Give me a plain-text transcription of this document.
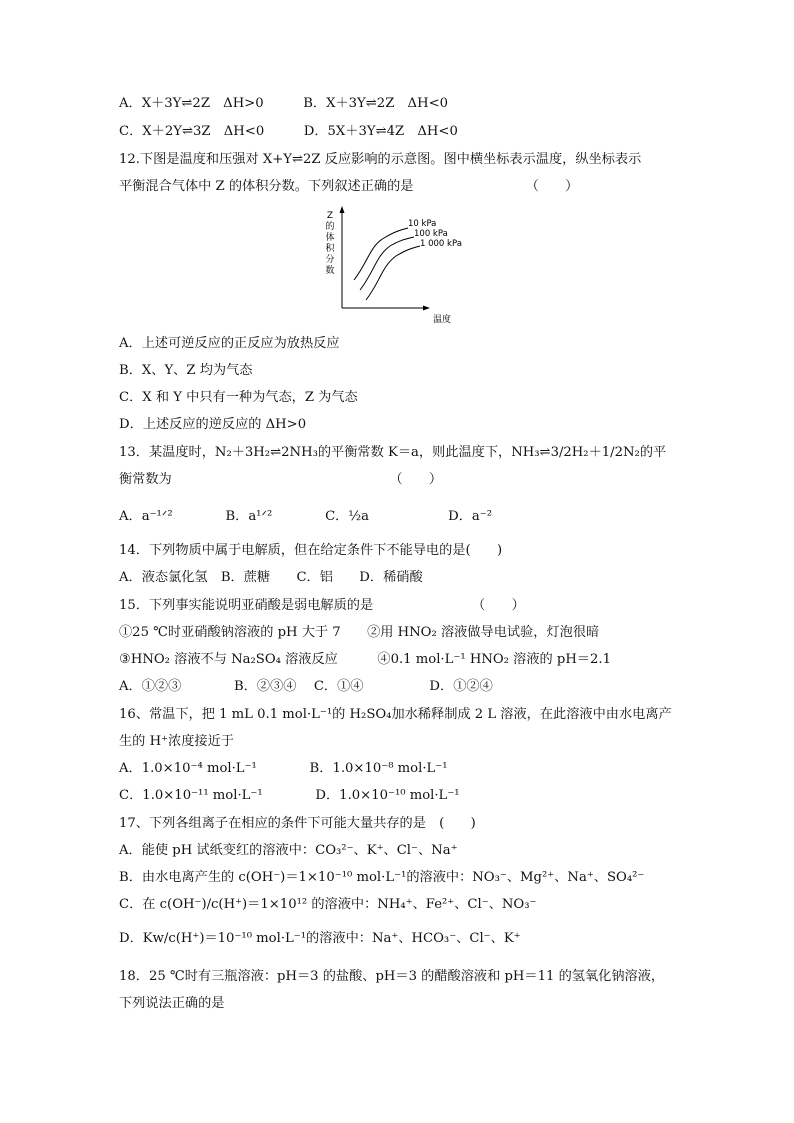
A．X＋3Y⇌2Z　ΔH>0　　　B．X＋3Y⇌2Z　ΔH<0
C．X＋2Y⇌3Z　ΔH<0　　　D．5X＋3Y⇌4Z　ΔH<0
12.下图是温度和压强对 X+Y⇌2Z 反应影响的示意图。图中横坐标表示温度，纵坐标表示
平衡混合气体中 Z 的体积分数。下列叙述正确的是　　　　　　　　　（　　）
Z 的体积分数
温度
10 kPa
100 kPa
1 000 kPa
A．上述可逆反应的正反应为放热反应
B．X、Y、Z 均为气态
C．X 和 Y 中只有一种为气态，Z 为气态
D．上述反应的逆反应的 ΔH>0
13．某温度时，N₂＋3H₂⇌2NH₃的平衡常数 K＝a，则此温度下，NH₃⇌3/2H₂＋1/2N₂的平
衡常数为　　　　　　　　　　　　　　　　　（　　）
A．a⁻¹ᐟ²　　　　B．a¹ᐟ²　　　　C．½a　　　　　　D．a⁻²
14．下列物质中属于电解质，但在给定条件下不能导电的是(　　)
A．液态氯化氢　B．蔗糖　　C．铝　　D．稀硝酸
15．下列事实能说明亚硝酸是弱电解质的是　　　　　　　　（　　）
①25 ℃时亚硝酸钠溶液的 pH 大于 7　　②用 HNO₂ 溶液做导电试验，灯泡很暗
③HNO₂ 溶液不与 Na₂SO₄ 溶液反应　　　④0.1 mol·L⁻¹ HNO₂ 溶液的 pH＝2.1
A．①②③　　　　B．②③④　 C．①④　　　　　D．①②④
16、常温下，把 1 mL 0.1 mol·L⁻¹的 H₂SO₄加水稀释制成 2 L 溶液，在此溶液中由水电离产
生的 H⁺浓度接近于
A．1.0×10⁻⁴ mol·L⁻¹　　　　B．1.0×10⁻⁸ mol·L⁻¹
C．1.0×10⁻¹¹ mol·L⁻¹　　　　D．1.0×10⁻¹⁰ mol·L⁻¹
17、下列各组离子在相应的条件下可能大量共存的是　(　　)
A．能使 pH 试纸变红的溶液中：CO₃²⁻、K⁺、Cl⁻、Na⁺
B．由水电离产生的 c(OH⁻)＝1×10⁻¹⁰ mol·L⁻¹的溶液中：NO₃⁻、Mg²⁺、Na⁺、SO₄²⁻
C．在 c(OH⁻)/c(H⁺)＝1×10¹² 的溶液中：NH₄⁺、Fe²⁺、Cl⁻、NO₃⁻
D．Kw/c(H⁺)＝10⁻¹⁰ mol·L⁻¹的溶液中：Na⁺、HCO₃⁻、Cl⁻、K⁺
18．25 ℃时有三瓶溶液：pH＝3 的盐酸、pH＝3 的醋酸溶液和 pH＝11 的氢氧化钠溶液，
下列说法正确的是
